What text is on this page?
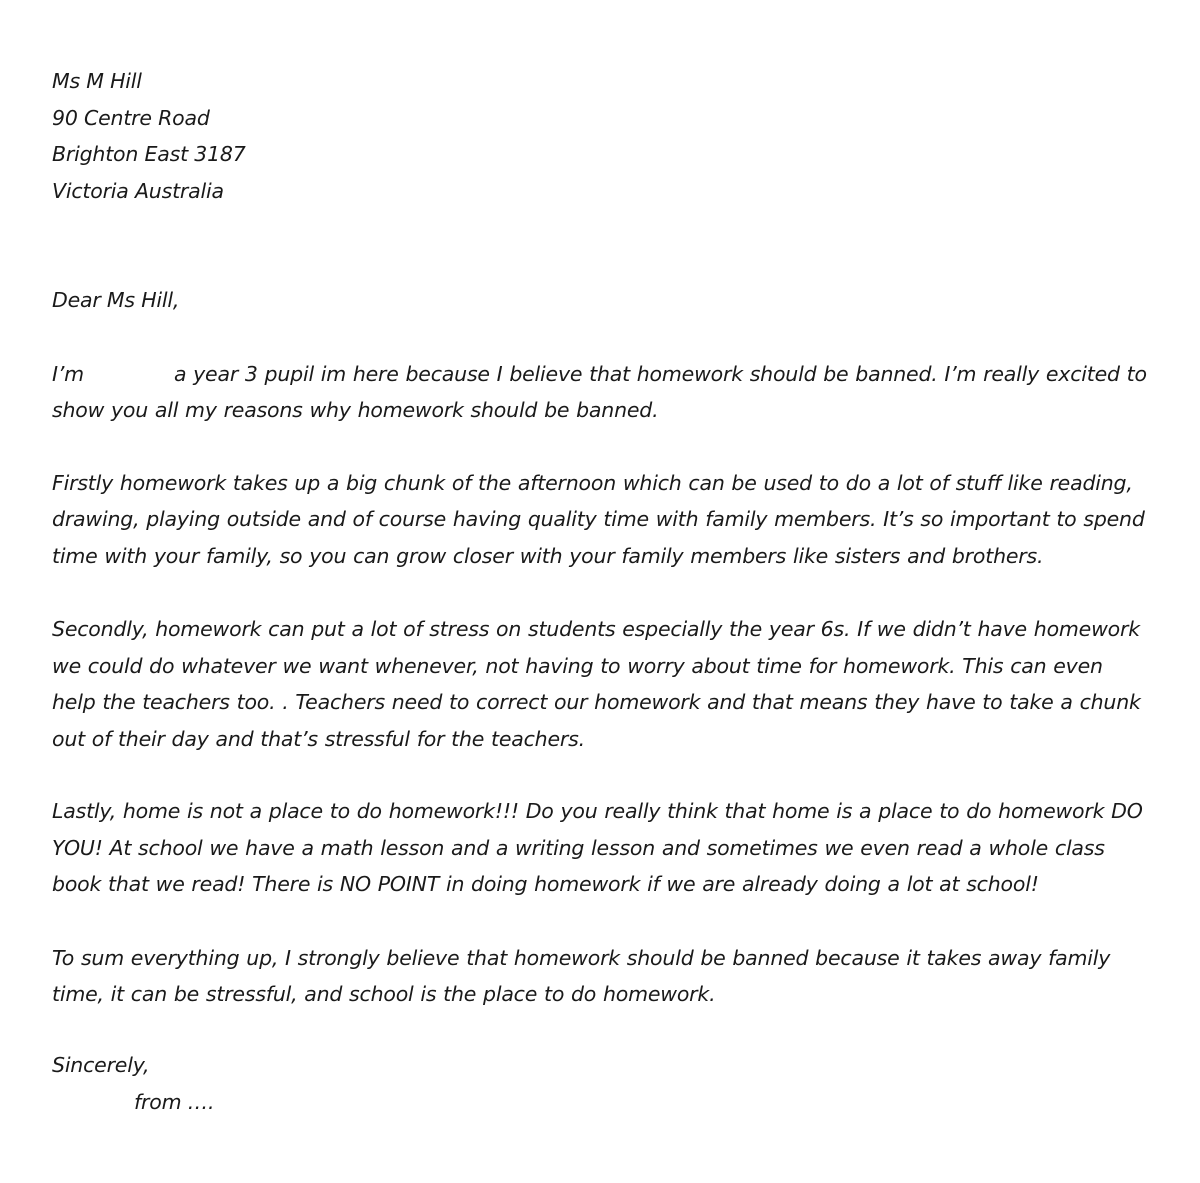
Ms M Hill
90 Centre Road
Brighton East 3187
Victoria Australia

Dear Ms Hill,

I’m	a year 3 pupil im here because I believe that homework should be banned. I’m really excited to show you all my reasons why homework should be banned.

Firstly homework takes up a big chunk of the afternoon which can be used to do a lot of stuff like reading, drawing, playing outside and of course having quality time with family members. It’s so important to spend time with your family, so you can grow closer with your family members like sisters and brothers.

Secondly, homework can put a lot of stress on students especially the year 6s. If we didn’t have homework we could do whatever we want whenever, not having to worry about time for homework. This can even help the teachers too. . Teachers need to correct our homework and that means they have to take a chunk out of their day and that’s stressful for the teachers.

Lastly, home is not a place to do homework!!! Do you really think that home is a place to do homework DO YOU! At school we have a math lesson and a writing lesson and sometimes we even read a whole class book that we read! There is NO POINT in doing homework if we are already doing a lot at school!

To sum everything up, I strongly believe that homework should be banned because it takes away family time, it can be stressful, and school is the place to do homework.

Sincerely,
from ….
